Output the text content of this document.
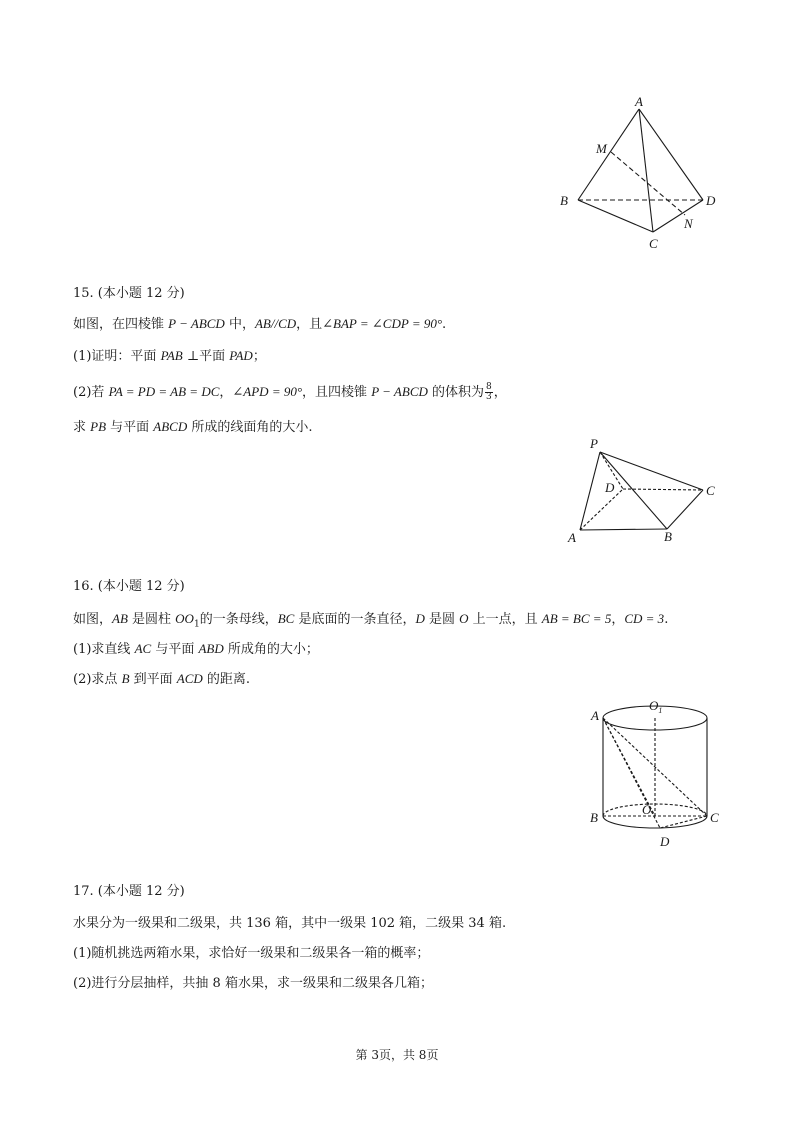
A
M
B	D
N
C
15. (本小题 12 分)
如图，在四棱锥 P − ABCD 中，AB//CD，且∠BAP = ∠CDP = 90°.
(1)证明：平面 PAB ⊥平面 PAD；
(2)若 PA = PD = AB = DC，∠APD = 90°，且四棱锥 P − ABCD 的体积为 $\frac{8}{3}$ ，
求 PB 与平面 ABCD 所成的线面角的大小.
P
D	C
A	B
16. (本小题 12 分)
如图，AB 是圆柱 $OO_1$的一条母线，BC 是底面的一条直径，D 是圆 O 上一点，且 AB = BC = 5，CD = 3.
(1)求直线 AC 与平面 ABD 所成角的大小；
(2)求点 B 到平面 ACD 的距离.
A
$O_1$
B
O
C
D
17. (本小题 12 分)
水果分为一级果和二级果，共 136 箱，其中一级果 102 箱，二级果 34 箱.
(1)随机挑选两箱水果，求恰好一级果和二级果各一箱的概率；
(2)进行分层抽样，共抽 8 箱水果，求一级果和二级果各几箱；
第 3页，共 8页
